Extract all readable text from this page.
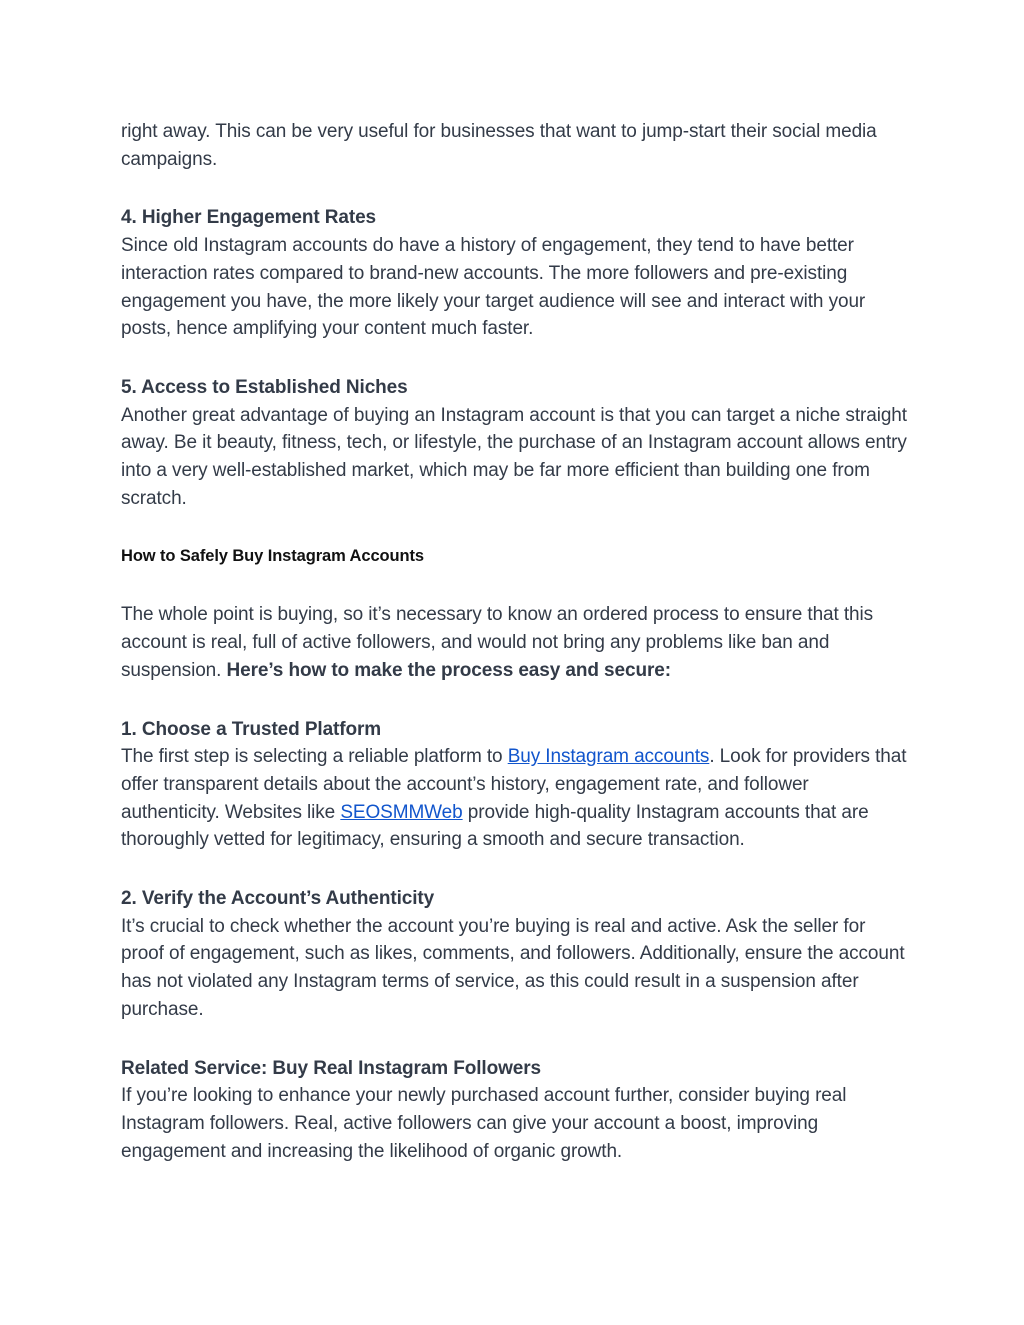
right away. This can be very useful for businesses that want to jump-start their social media campaigns.

4. Higher Engagement Rates
Since old Instagram accounts do have a history of engagement, they tend to have better interaction rates compared to brand-new accounts. The more followers and pre-existing engagement you have, the more likely your target audience will see and interact with your posts, hence amplifying your content much faster.

5. Access to Established Niches
Another great advantage of buying an Instagram account is that you can target a niche straight away. Be it beauty, fitness, tech, or lifestyle, the purchase of an Instagram account allows entry into a very well-established market, which may be far more efficient than building one from scratch.

How to Safely Buy Instagram Accounts

The whole point is buying, so it’s necessary to know an ordered process to ensure that this account is real, full of active followers, and would not bring any problems like ban and suspension. Here’s how to make the process easy and secure:

1. Choose a Trusted Platform
The first step is selecting a reliable platform to Buy Instagram accounts. Look for providers that offer transparent details about the account’s history, engagement rate, and follower authenticity. Websites like SEOSMMWeb provide high-quality Instagram accounts that are thoroughly vetted for legitimacy, ensuring a smooth and secure transaction.

2. Verify the Account’s Authenticity
It’s crucial to check whether the account you’re buying is real and active. Ask the seller for proof of engagement, such as likes, comments, and followers. Additionally, ensure the account has not violated any Instagram terms of service, as this could result in a suspension after purchase.

Related Service: Buy Real Instagram Followers
If you’re looking to enhance your newly purchased account further, consider buying real Instagram followers. Real, active followers can give your account a boost, improving engagement and increasing the likelihood of organic growth.
